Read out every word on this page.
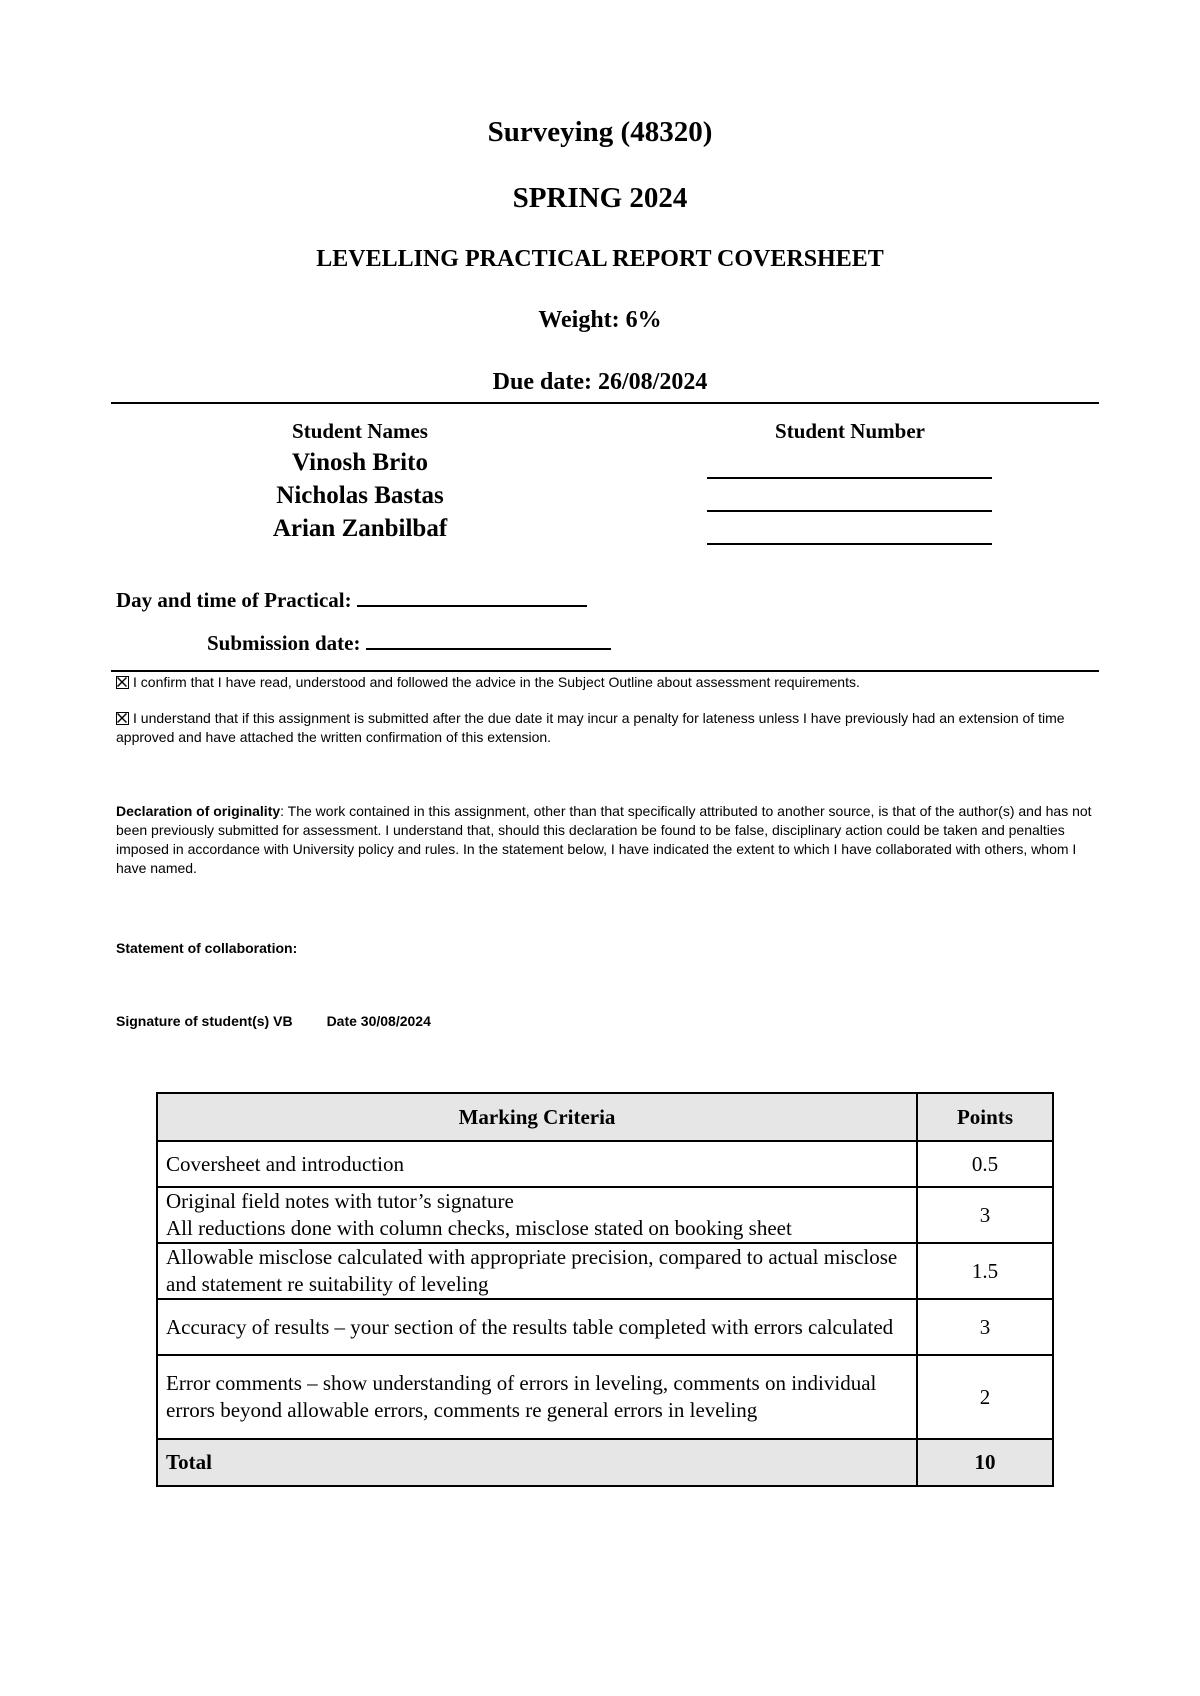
Surveying (48320)
SPRING 2024
LEVELLING PRACTICAL REPORT COVERSHEET
Weight: 6%
Due date: 26/08/2024
Student Names	Student Number
Vinosh Brito
Nicholas Bastas
Arian Zanbilbaf
Day and time of Practical:
Submission date:
I confirm that I have read, understood and followed the advice in the Subject Outline about assessment requirements.
I understand that if this assignment is submitted after the due date it may incur a penalty for lateness unless I have previously had an extension of time approved and have attached the written confirmation of this extension.
Declaration of originality: The work contained in this assignment, other than that specifically attributed to another source, is that of the author(s) and has not been previously submitted for assessment. I understand that, should this declaration be found to be false, disciplinary action could be taken and penalties imposed in accordance with University policy and rules. In the statement below, I have indicated the extent to which I have collaborated with others, whom I have named.
Statement of collaboration:
Signature of student(s) VB Date 30/08/2024
Marking Criteria	Points

Coversheet and introduction	0.5

Original field notes with tutor’s signature
All reductions done with column checks, misclose stated on booking sheet	3

Allowable misclose calculated with appropriate precision, compared to actual misclose and statement re suitability of leveling	1.5

Accuracy of results – your section of the results table completed with errors calculated	3

Error comments – show understanding of errors in leveling, comments on individual errors beyond allowable errors, comments re general errors in leveling	2
Total	10
